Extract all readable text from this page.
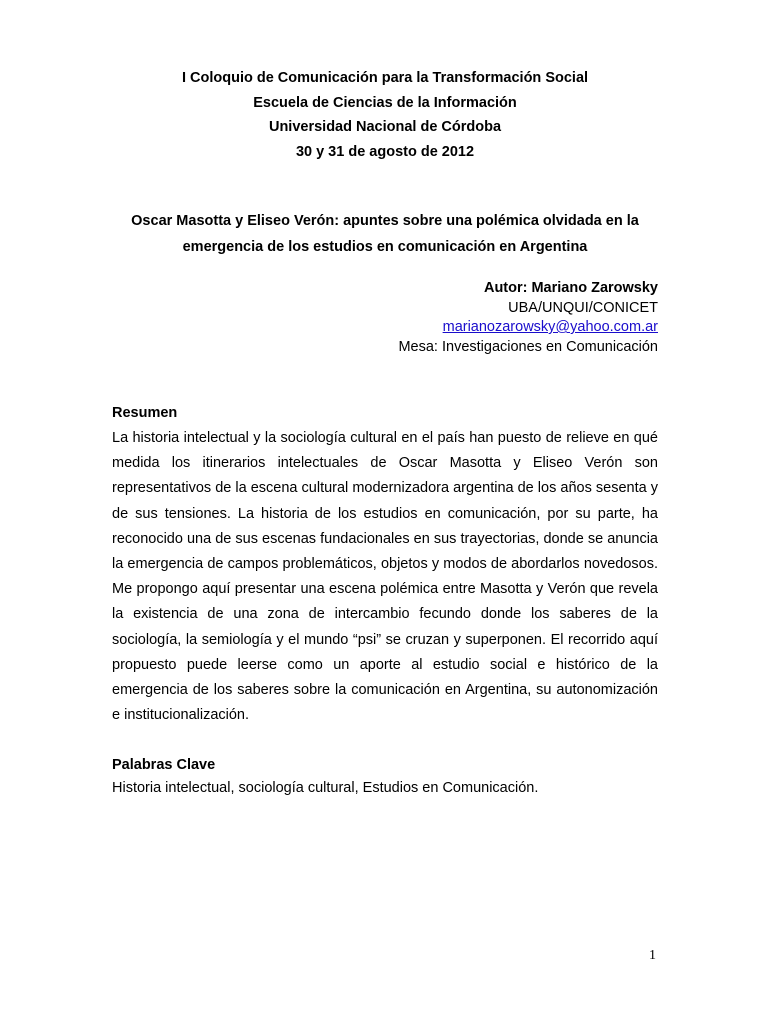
I Coloquio de Comunicación para la Transformación Social
Escuela de Ciencias de la Información
Universidad Nacional de Córdoba
30 y 31 de agosto de 2012
Oscar Masotta y Eliseo Verón: apuntes sobre una polémica olvidada en la
emergencia de los estudios en comunicación en Argentina
Autor: Mariano Zarowsky
UBA/UNQUI/CONICET
marianozarowsky@yahoo.com.ar
Mesa: Investigaciones en Comunicación
Resumen
La historia intelectual y la sociología cultural en el país han puesto de relieve en qué medida los itinerarios intelectuales de Oscar Masotta y Eliseo Verón son representativos de la escena cultural modernizadora argentina de los años sesenta y de sus tensiones. La historia de los estudios en comunicación, por su parte, ha reconocido una de sus escenas fundacionales en sus trayectorias, donde se anuncia la emergencia de campos problemáticos, objetos y modos de abordarlos novedosos. Me propongo aquí presentar una escena polémica entre Masotta y Verón que revela la existencia de una zona de intercambio fecundo donde los saberes de la sociología, la semiología y el mundo “psi” se cruzan y superponen. El recorrido aquí propuesto puede leerse como un aporte al estudio social e histórico de la emergencia de los saberes sobre la comunicación en Argentina, su autonomización e institucionalización.
Palabras Clave
Historia intelectual, sociología cultural, Estudios en Comunicación.
1
